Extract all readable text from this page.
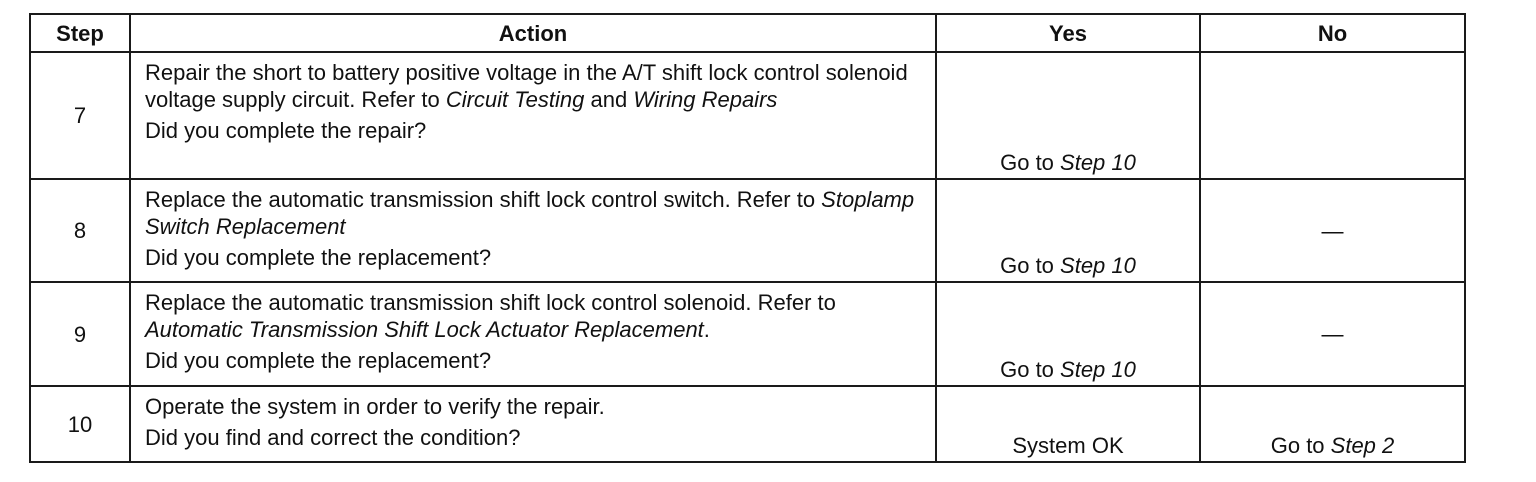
Step	Action	Yes	No
7	Repair the short to battery positive voltage in the A/T shift lock control solenoid voltage supply circuit. Refer to Circuit Testing and Wiring Repairs
Did you complete the repair?	Go to Step 10	

8	Replace the automatic transmission shift lock control switch. Refer to Stoplamp Switch Replacement
Did you complete the replacement?	Go to Step 10	—

9	Replace the automatic transmission shift lock control solenoid. Refer to Automatic Transmission Shift Lock Actuator Replacement.
Did you complete the replacement?	Go to Step 10	—

10	Operate the system in order to verify the repair.
Did you find and correct the condition?	System OK	Go to Step 2
